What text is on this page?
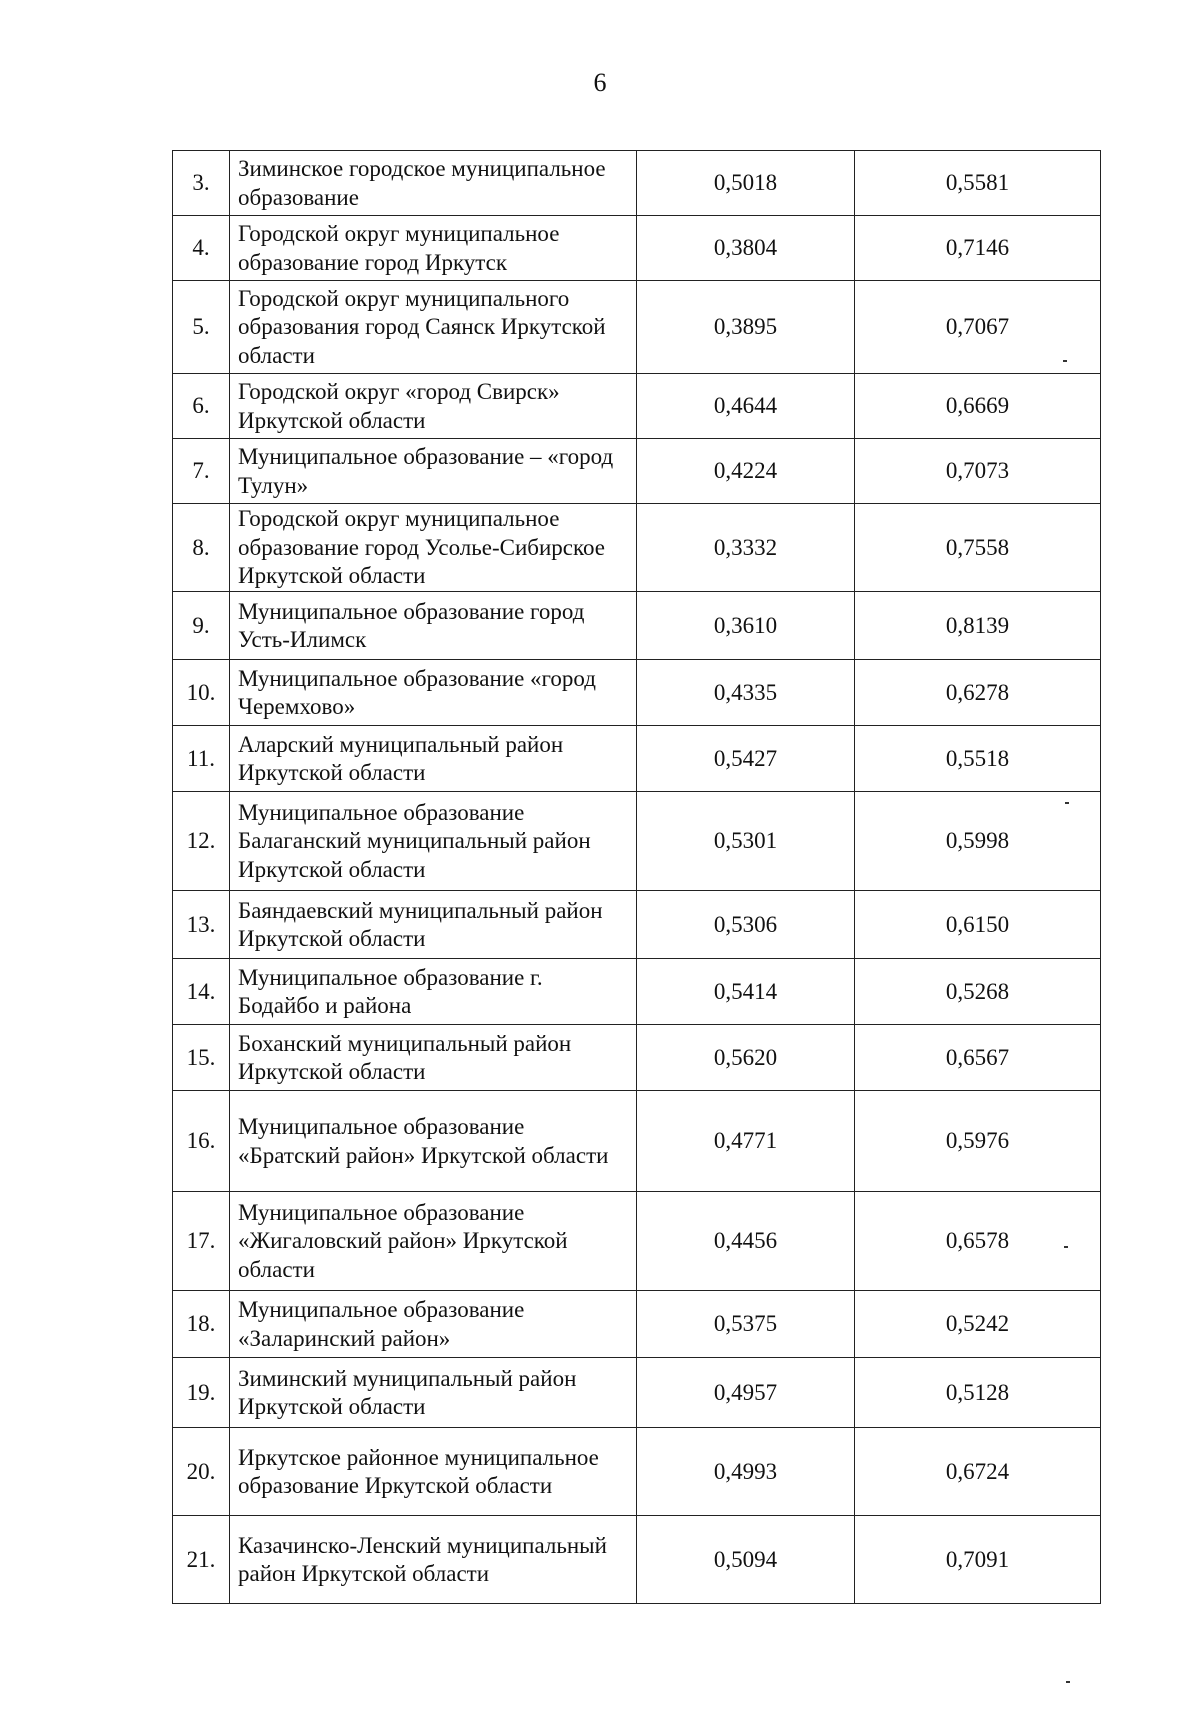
6
3.	Зиминское городское муниципальное образование	0,5018	0,5581
4.	Городской округ муниципальное образование город Иркутск	0,3804	0,7146
5.	Городской округ муниципального образования город Саянск Иркутской области	0,3895	0,7067
6.	Городской округ «город Свирск» Иркутской области	0,4644	0,6669
7.	Муниципальное образование – «город Тулун»	0,4224	0,7073
8.	Городской округ муниципальное образование город Усолье-Сибирское Иркутской области	0,3332	0,7558
9.	Муниципальное образование город Усть-Илимск	0,3610	0,8139
10.	Муниципальное образование «город Черемхово»	0,4335	0,6278
11.	Аларский муниципальный район Иркутской области	0,5427	0,5518
12.	Муниципальное образование Балаганский муниципальный район Иркутской области	0,5301	0,5998
13.	Баяндаевский муниципальный район Иркутской области	0,5306	0,6150
14.	Муниципальное образование г. Бодайбо и района	0,5414	0,5268
15.	Боханский муниципальный район Иркутской области	0,5620	0,6567
16.	Муниципальное образование «Братский район» Иркутской области	0,4771	0,5976
17.	Муниципальное образование «Жигаловский район» Иркутской области	0,4456	0,6578
18.	Муниципальное образование «Заларинский район»	0,5375	0,5242
19.	Зиминский муниципальный район Иркутской области	0,4957	0,5128
20.	Иркутское районное муниципальное образование Иркутской области	0,4993	0,6724
21.	Казачинско-Ленский муниципальный район Иркутской области	0,5094	0,7091
